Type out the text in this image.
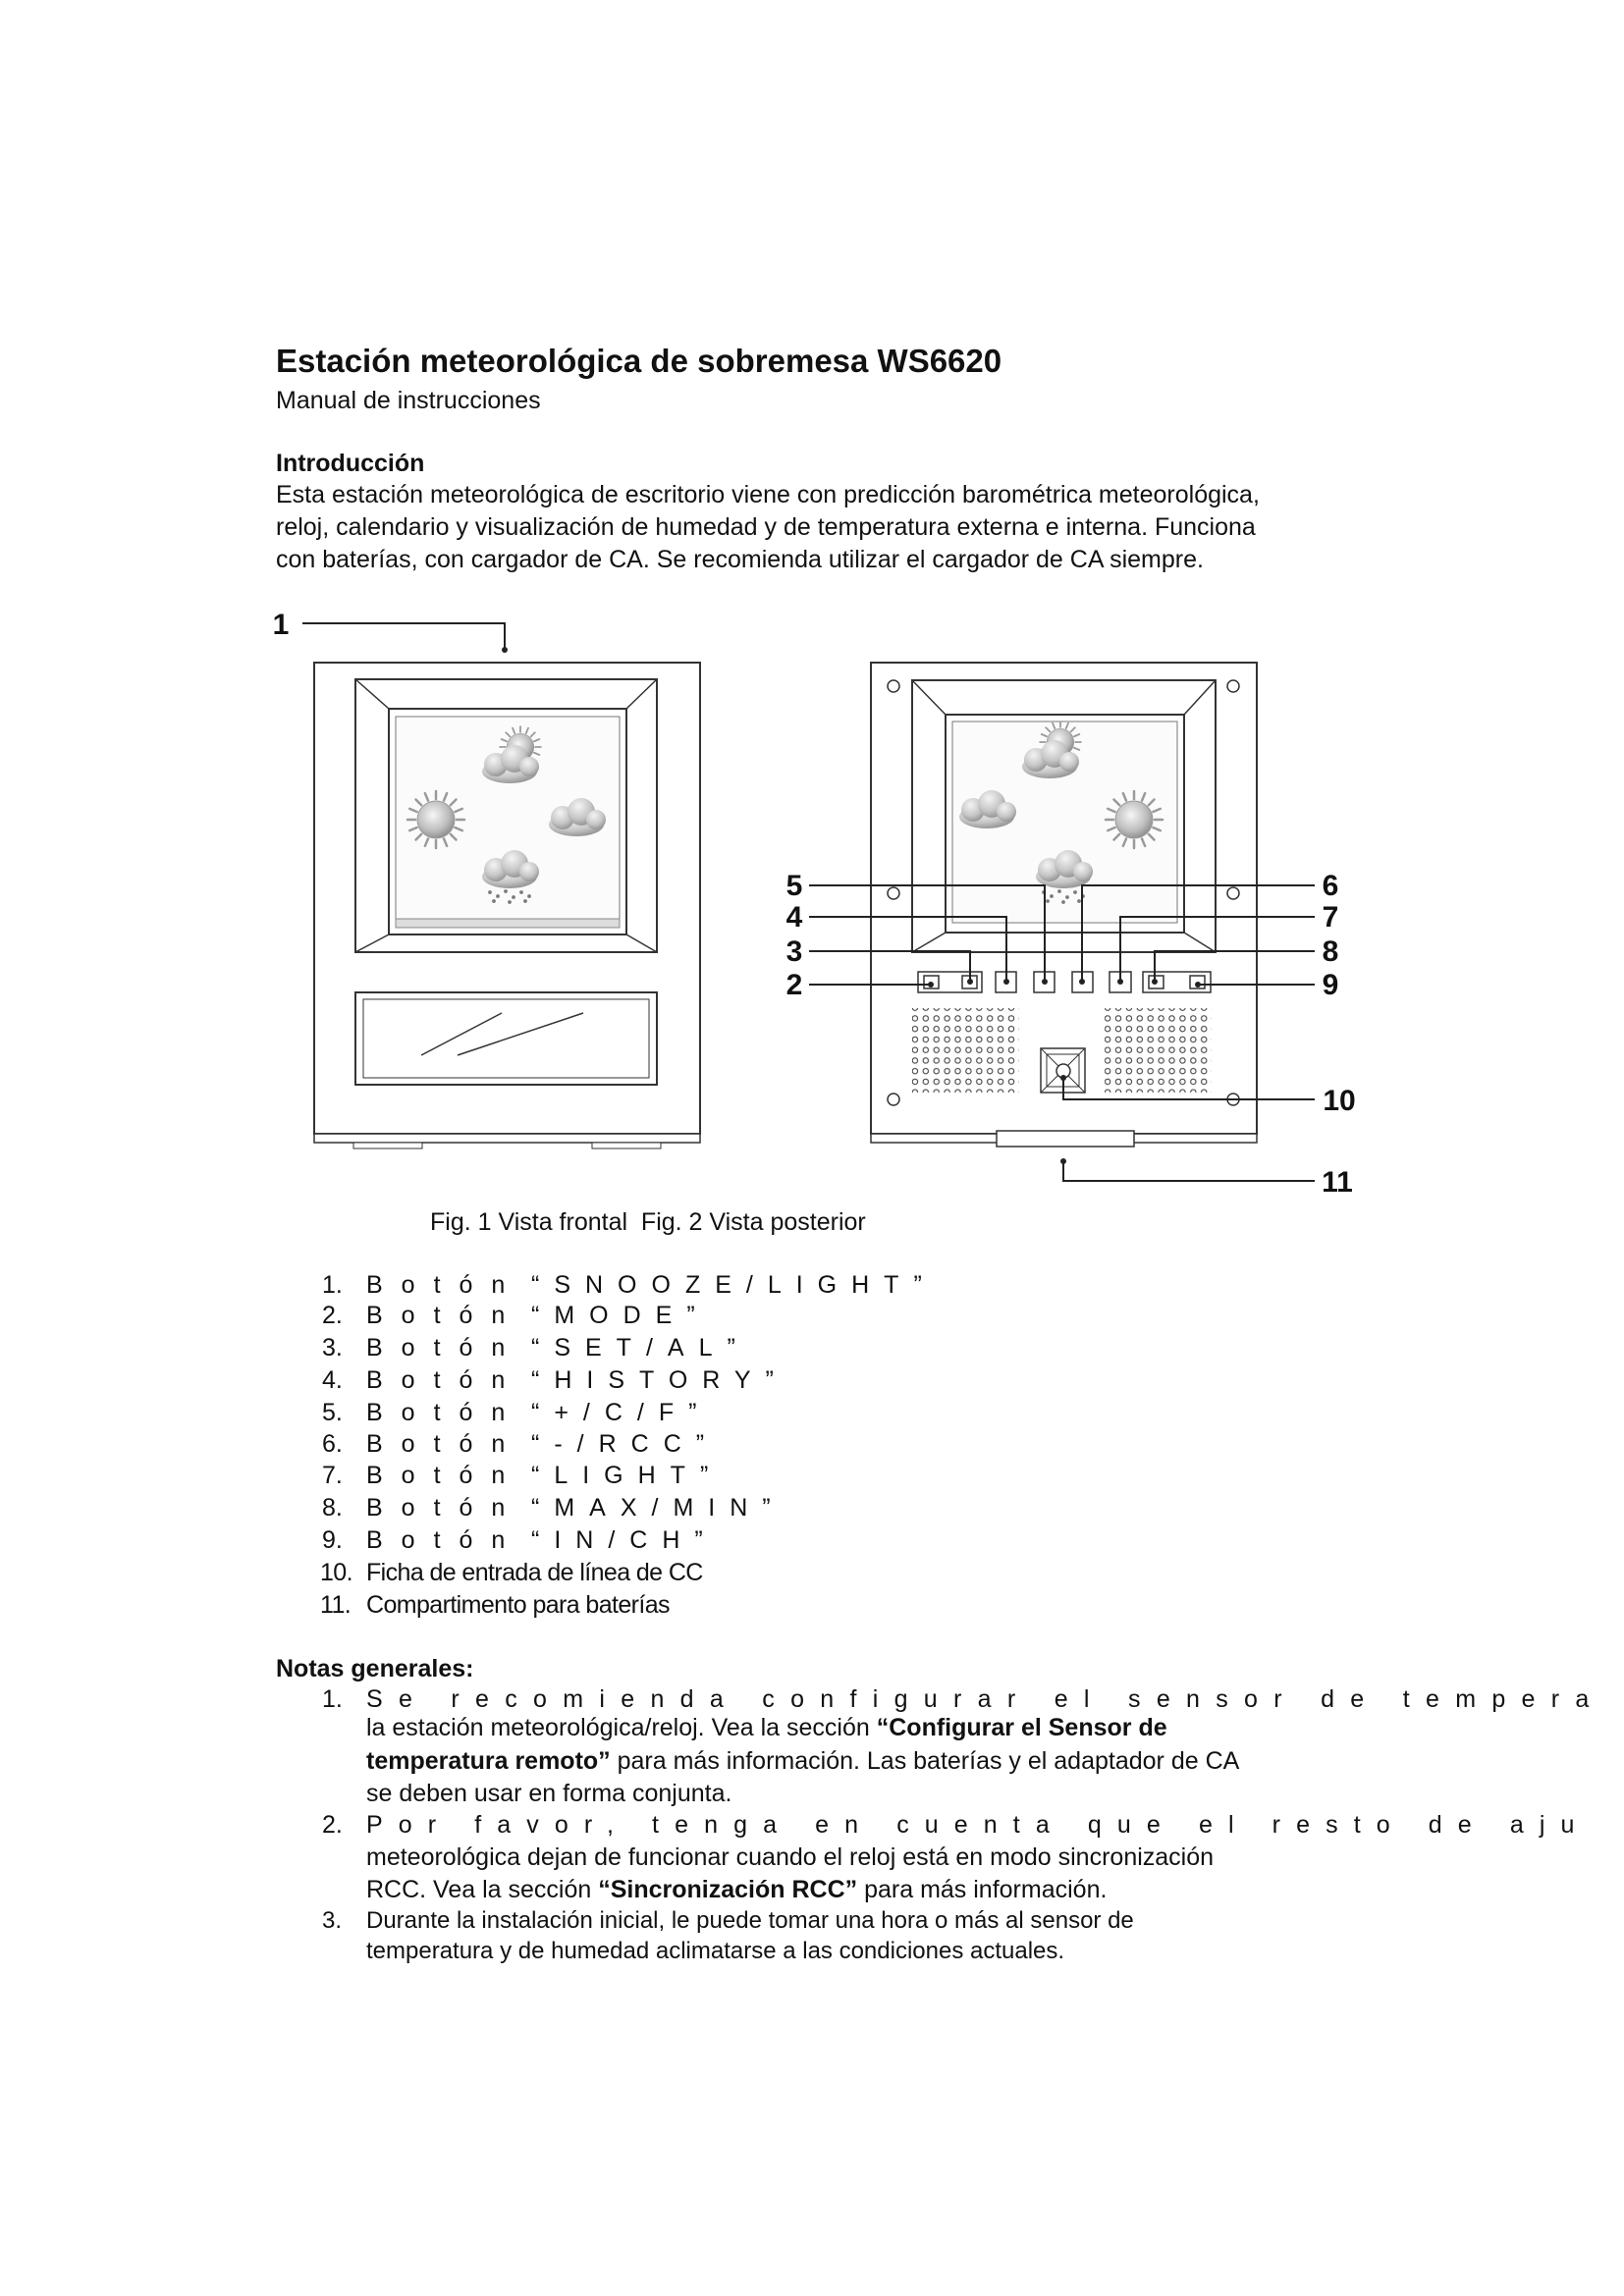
Estación meteorológica de sobremesa WS6620
Manual de instrucciones
Introducción
Esta estación meteorológica de escritorio viene con predicción barométrica meteorológica,
reloj, calendario y visualización de humedad y de temperatura externa e interna. Funciona
con baterías, con cargador de CA. Se recomienda utilizar el cargador de CA siempre.
1
2
3
4
5	6
7
8
9
10
11
Fig. 1 Vista frontal  Fig. 2 Vista posterior
1. Botón “SNOOZE/LIGHT”
2. Botón “MODE”
3. Botón “SET/AL”
4. Botón “HISTORY”
5. Botón “+/C/F”
6. Botón “-/RCC”
7. Botón “LIGHT”
8. Botón “MAX/MIN”
9. Botón “IN/CH”
10. Ficha de entrada de línea de CC
11. Compartimento para baterías
Notas generales:
1. Se recomienda configurar el sensor de tempera
la estación meteorológica/reloj. Vea la sección “Configurar el Sensor de
temperatura remoto” para más información. Las baterías y el adaptador de CA
se deben usar en forma conjunta.
2. Por favor, tenga en cuenta que el resto de aju
meteorológica dejan de funcionar cuando el reloj está en modo sincronización
RCC. Vea la sección “Sincronización RCC” para más información.
3. Durante la instalación inicial, le puede tomar una hora o más al sensor de
temperatura y de humedad aclimatarse a las condiciones actuales.
